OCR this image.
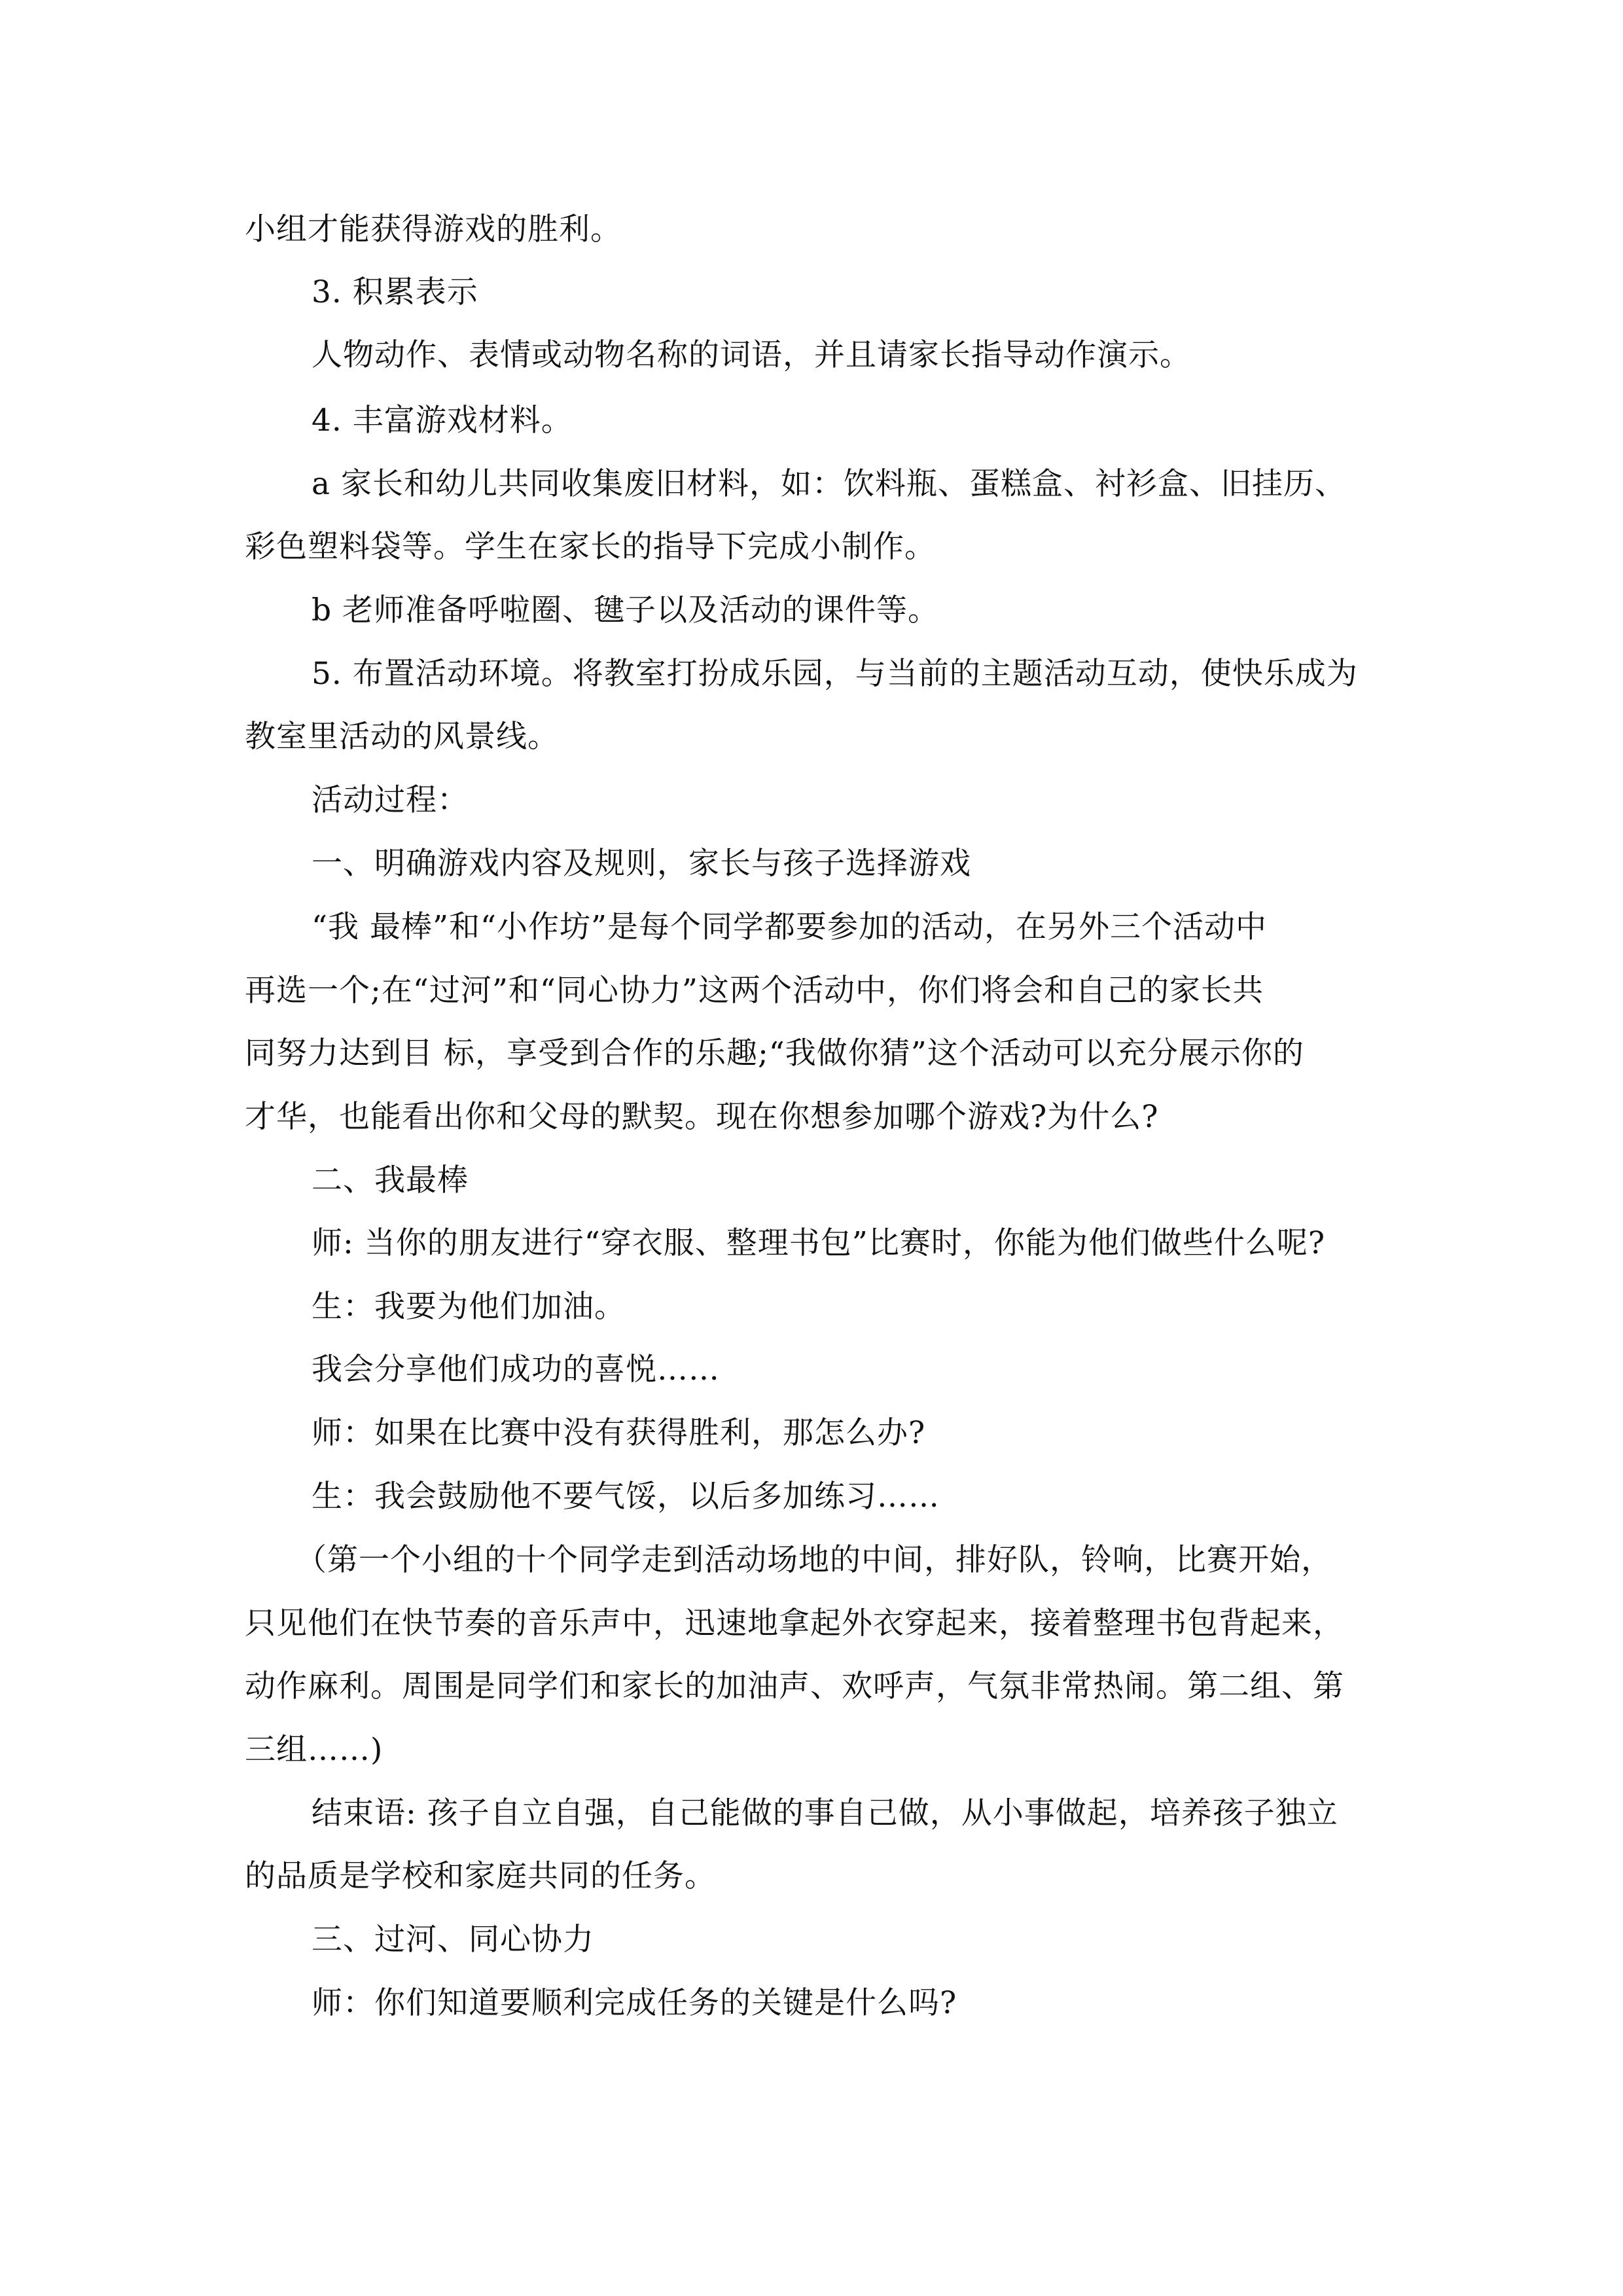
小组才能获得游戏的胜利。
3. 积累表示
人物动作、表情或动物名称的词语，并且请家长指导动作演示。
4. 丰富游戏材料。
a 家长和幼儿共同收集废旧材料，如：饮料瓶、蛋糕盒、衬衫盒、旧挂历、
彩色塑料袋等。学生在家长的指导下完成小制作。
b 老师准备呼啦圈、毽子以及活动的课件等。
5. 布置活动环境。将教室打扮成乐园，与当前的主题活动互动，使快乐成为
教室里活动的风景线。
活动过程：
一、明确游戏内容及规则，家长与孩子选择游戏
“我 最棒”和“小作坊”是每个同学都要参加的活动，在另外三个活动中
再选一个;在“过河”和“同心协力”这两个活动中，你们将会和自己的家长共
同努力达到目 标，享受到合作的乐趣;“我做你猜”这个活动可以充分展示你的
才华，也能看出你和父母的默契。现在你想参加哪个游戏?为什么?
二、我最棒
师: 当你的朋友进行“穿衣服、整理书包”比赛时，你能为他们做些什么呢?
生：我要为他们加油。
我会分享他们成功的喜悦……
师：如果在比赛中没有获得胜利，那怎么办?
生：我会鼓励他不要气馁，以后多加练习……
（第一个小组的十个同学走到活动场地的中间，排好队，铃响，比赛开始，
只见他们在快节奏的音乐声中，迅速地拿起外衣穿起来，接着整理书包背起来，
动作麻利。周围是同学们和家长的加油声、欢呼声，气氛非常热闹。第二组、第
三组……)
结束语: 孩子自立自强，自己能做的事自己做，从小事做起，培养孩子独立
的品质是学校和家庭共同的任务。
三、过河、同心协力
师：你们知道要顺利完成任务的关键是什么吗?
